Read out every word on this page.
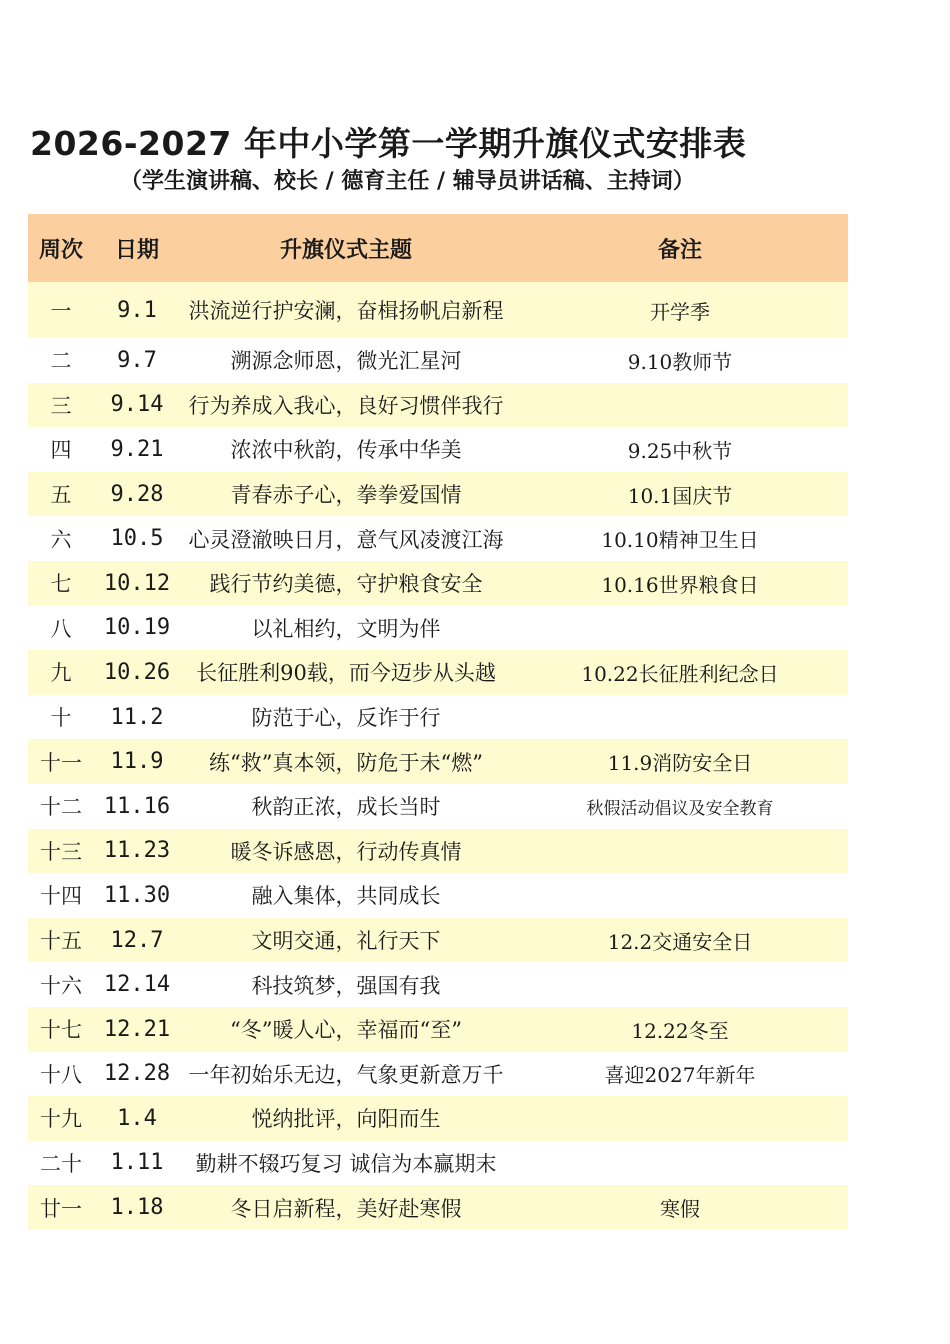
2026-2027 年中小学第一学期升旗仪式安排表
（学生演讲稿、校长 / 德育主任 / 辅导员讲话稿、主持词）
周次	日期	升旗仪式主题	备注
一	9.1	洪流逆行护安澜，奋楫扬帆启新程	开学季
二	9.7	溯源念师恩，微光汇星河	9.10教师节
三	9.14	行为养成入我心，良好习惯伴我行
四	9.21	浓浓中秋韵，传承中华美	9.25中秋节
五	9.28	青春赤子心，拳拳爱国情	10.1国庆节
六	10.5	心灵澄澈映日月，意气风凌渡江海	10.10精神卫生日
七	10.12	践行节约美德，守护粮食安全	10.16世界粮食日
八	10.19	以礼相约，文明为伴
九	10.26	长征胜利90载，而今迈步从头越	10.22长征胜利纪念日
十	11.2	防范于心，反诈于行
十一	11.9	练“救”真本领，防危于未“燃”	11.9消防安全日
十二 11.16	秋韵正浓，成长当时	秋假活动倡议及安全教育
十三 11.23	暖冬诉感恩，行动传真情
十四 11.30	融入集体，共同成长
十五	12.7	文明交通，礼行天下	12.2交通安全日
十六 12.14	科技筑梦，强国有我
十七 12.21	“冬”暖人心，幸福而“至”	12.22冬至
十八 12.28 一年初始乐无边，气象更新意万千	喜迎2027年新年
十九	1.4	悦纳批评，向阳而生
二十	1.11	勤耕不辍巧复习 诚信为本赢期末
廿一	1.18	冬日启新程，美好赴寒假	寒假
